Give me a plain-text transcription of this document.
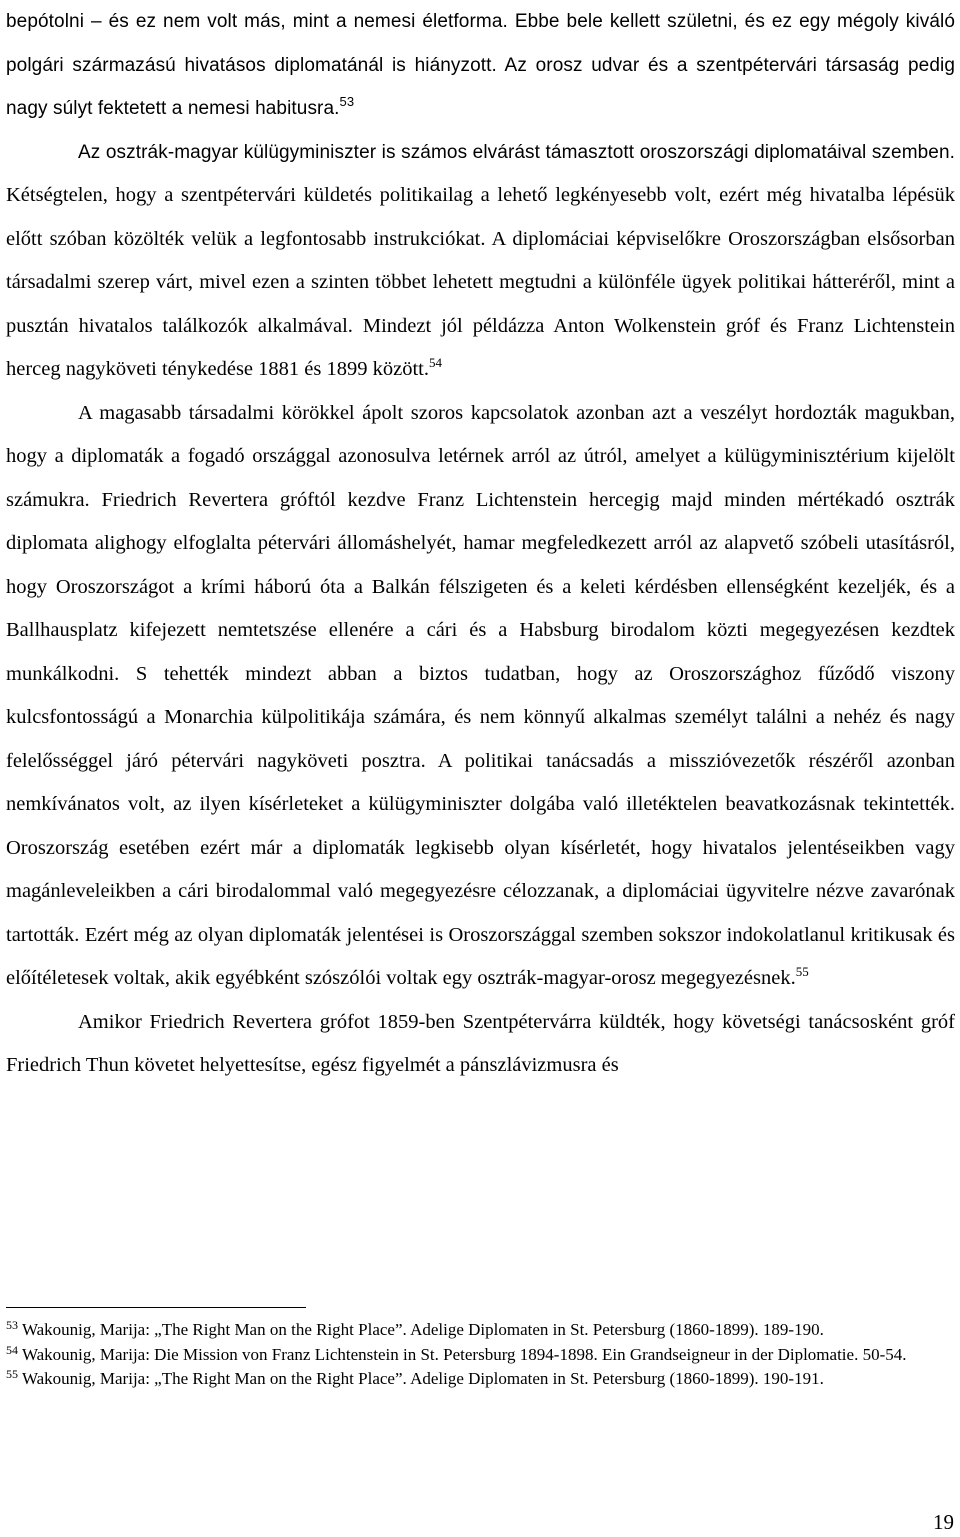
bepótolni – és ez nem volt más, mint a nemesi életforma. Ebbe bele kellett születni, és ez egy mégoly kiváló polgári származású hivatásos diplomatánál is hiányzott. Az orosz udvar és a szentpétervári társaság pedig nagy súlyt fektetett a nemesi habitusra.$^{53}$

Az osztrák-magyar külügyminiszter is számos elvárást támasztott oroszországi diplomatáival szemben. Kétségtelen, hogy a szentpétervári küldetés politikailag a lehető legkényesebb volt, ezért még hivatalba lépésük előtt szóban közölték velük a legfontosabb instrukciókat. A diplomáciai képviselőkre Oroszországban elsősorban társadalmi szerep várt, mivel ezen a szinten többet lehetett megtudni a különféle ügyek politikai hátteréről, mint a pusztán hivatalos találkozók alkalmával. Mindezt jól példázza Anton Wolkenstein gróf és Franz Lichtenstein herceg nagyköveti ténykedése 1881 és 1899 között.$^{54}$

A magasabb társadalmi körökkel ápolt szoros kapcsolatok azonban azt a veszélyt hordozták magukban, hogy a diplomaták a fogadó országgal azonosulva letérnek arról az útról, amelyet a külügyminisztérium kijelölt számukra. Friedrich Revertera gróftól kezdve Franz Lichtenstein hercegig majd minden mértékadó osztrák diplomata alighogy elfoglalta pétervári állomáshelyét, hamar megfeledkezett arról az alapvető szóbeli utasításról, hogy Oroszországot a krími háború óta a Balkán félszigeten és a keleti kérdésben ellenségként kezeljék, és a Ballhausplatz kifejezett nemtetszése ellenére a cári és a Habsburg birodalom közti megegyezésen kezdtek munkálkodni. S tehették mindezt abban a biztos tudatban, hogy az Oroszországhoz fűződő viszony kulcsfontosságú a Monarchia külpolitikája számára, és nem könnyű alkalmas személyt találni a nehéz és nagy felelősséggel járó pétervári nagyköveti posztra. A politikai tanácsadás a misszióvezetők részéről azonban nemkívánatos volt, az ilyen kísérleteket a külügyminiszter dolgába való illetéktelen beavatkozásnak tekintették. Oroszország esetében ezért már a diplomaták legkisebb olyan kísérletét, hogy hivatalos jelentéseikben vagy magánleveleikben a cári birodalommal való megegyezésre célozzanak, a diplomáciai ügyvitelre nézve zavarónak tartották. Ezért még az olyan diplomaták jelentései is Oroszországgal szemben sokszor indokolatlanul kritikusak és előítéletesek voltak, akik egyébként szószólói voltak egy osztrák-magyar-orosz megegyezésnek.$^{55}$

Amikor Friedrich Revertera grófot 1859-ben Szentpétervárra küldték, hogy követségi tanácsosként gróf Friedrich Thun követet helyettesítse, egész figyelmét a pánszlávizmusra és

$^{53}$ Wakounig, Marija: „The Right Man on the Right Place”. Adelige Diplomaten in St. Petersburg (1860-1899). 189-190.

$^{54}$ Wakounig, Marija: Die Mission von Franz Lichtenstein in St. Petersburg 1894-1898. Ein Grandseigneur in der Diplomatie. 50-54.

$^{55}$ Wakounig, Marija: „The Right Man on the Right Place”. Adelige Diplomaten in St. Petersburg (1860-1899). 190-191.

19
